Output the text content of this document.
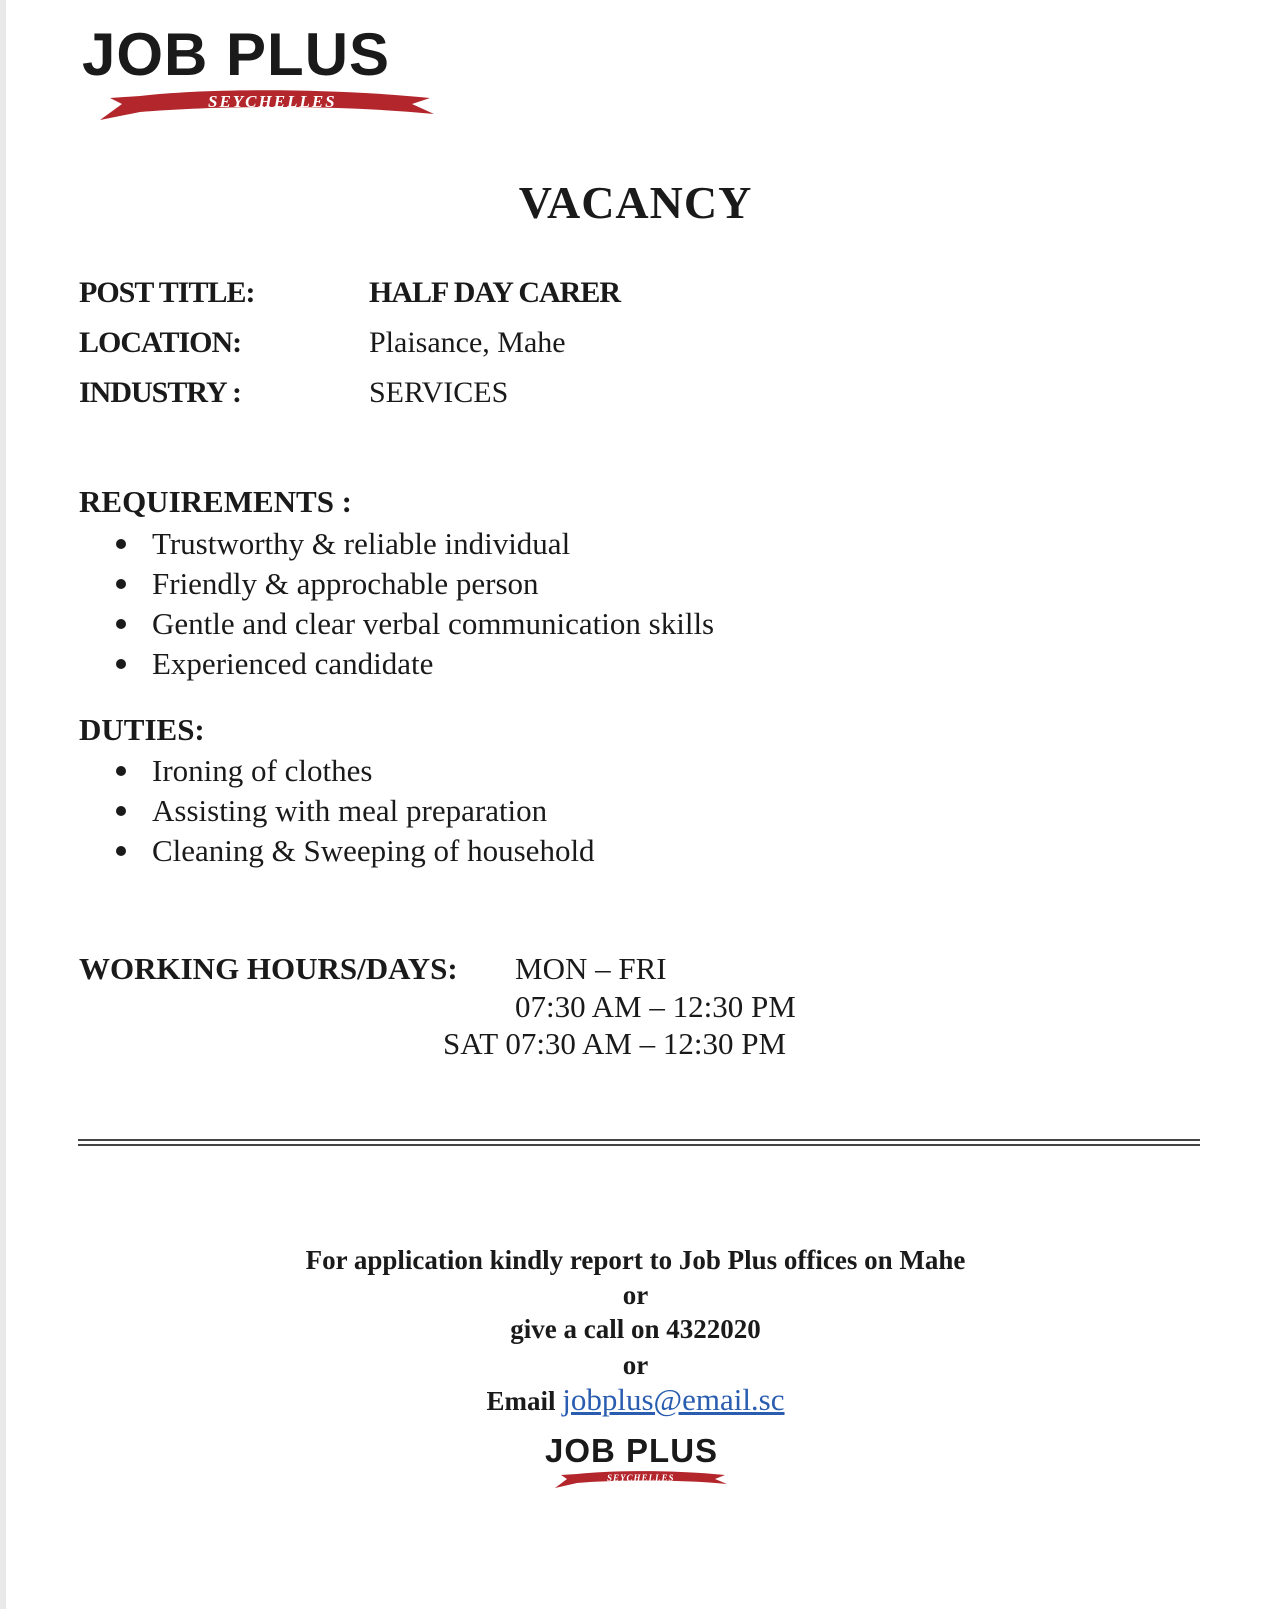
JOB PLUS
SEYCHELLES
VACANCY
POST TITLE:	HALF DAY CARER
LOCATION:	Plaisance, Mahe
INDUSTRY :	SERVICES
REQUIREMENTS :
Trustworthy & reliable individual
Friendly & approchable person
Gentle and clear verbal communication skills
Experienced candidate
DUTIES:
Ironing of clothes
Assisting with meal preparation
Cleaning & Sweeping of household
WORKING HOURS/DAYS: MON – FRI
07:30 AM – 12:30 PM
SAT 07:30 AM – 12:30 PM
For application kindly report to Job Plus offices on Mahe
or
give a call on 4322020
or
Email jobplus@email.sc
JOB PLUS
SEYCHELLES
